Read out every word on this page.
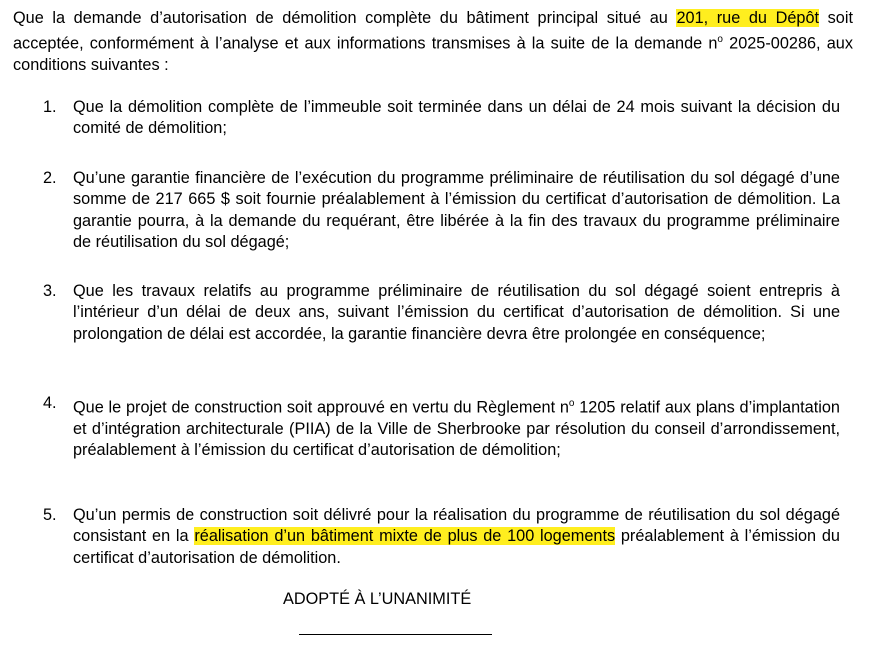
Que la demande d’autorisation de démolition complète du bâtiment principal situé au 201, rue du Dépôt soit acceptée, conformément à l’analyse et aux informations transmises à la suite de la demande $n^o$ 2025-00286, aux conditions suivantes :

1.	Que la démolition complète de l’immeuble soit terminée dans un délai de 24 mois suivant la décision du comité de démolition;

2.	Qu’une garantie financière de l’exécution du programme préliminaire de réutilisation du sol dégagé d’une somme de 217 665 $ soit fournie préalablement à l’émission du certificat d’autorisation de démolition. La garantie pourra, à la demande du requérant, être libérée à la fin des travaux du programme préliminaire de réutilisation du sol dégagé;

3.	Que les travaux relatifs au programme préliminaire de réutilisation du sol dégagé soient entrepris à l’intérieur d’un délai de deux ans, suivant l’émission du certificat d’autorisation de démolition. Si une prolongation de délai est accordée, la garantie financière devra être prolongée en conséquence;

4.	Que le projet de construction soit approuvé en vertu du Règlement $n^o$ 1205 relatif aux plans d’implantation et d’intégration architecturale (PIIA) de la Ville de Sherbrooke par résolution du conseil d’arrondissement, préalablement à l’émission du certificat d’autorisation de démolition;

5.	Qu’un permis de construction soit délivré pour la réalisation du programme de réutilisation du sol dégagé consistant en la réalisation d’un bâtiment mixte de plus de 100 logements préalablement à l’émission du certificat d’autorisation de démolition.

ADOPTÉ À L’UNANIMITÉ
